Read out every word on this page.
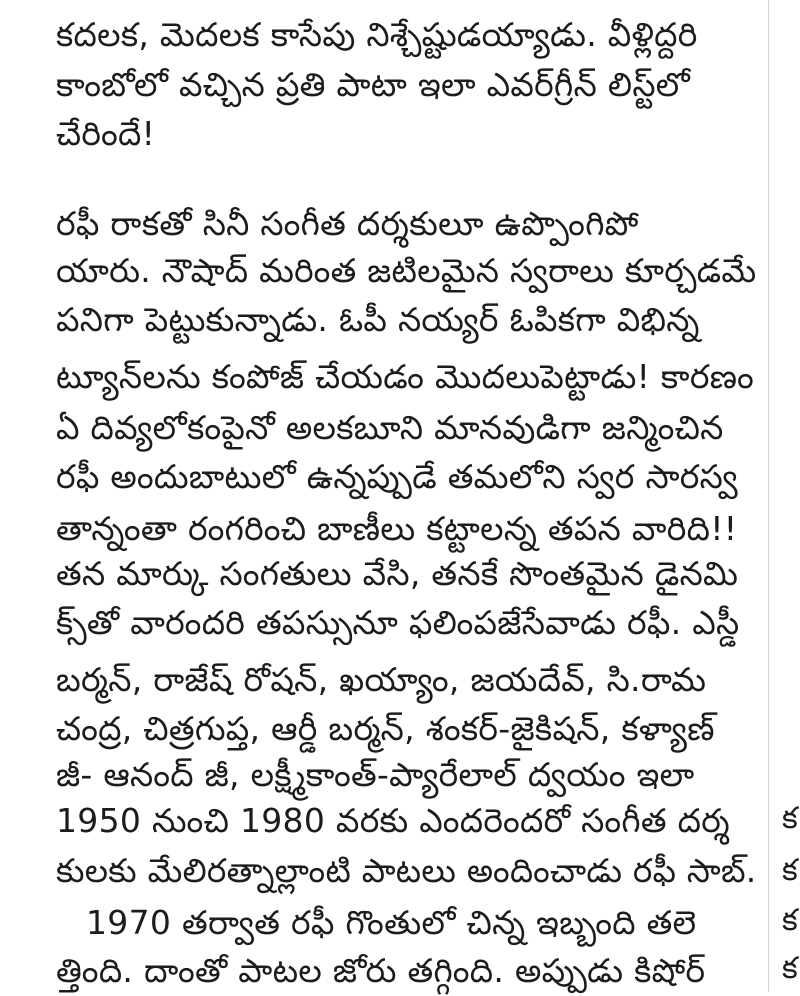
కదలక, మెదలక కాసేపు నిశ్చేష్టుడయ్యాడు. వీళ్లిద్దరి
కాంబోలో వచ్చిన ప్రతి పాటా ఇలా ఎవర్‌గ్రీన్ లిస్ట్‌లో
చేరిందే!
రఫీ రాకతో సినీ సంగీత దర్శకులూ ఉప్పొంగిపో
యారు. నౌషాద్ మరింత జటిలమైన స్వరాలు కూర్చడమే
పనిగా పెట్టుకున్నాడు. ఓపీ నయ్యర్ ఓపికగా విభిన్న
ట్యూన్‌లను కంపోజ్ చేయడం మొదలుపెట్టాడు! కారణం
ఏ దివ్యలోకంపైనో అలకబూని మానవుడిగా జన్మించిన
రఫీ అందుబాటులో ఉన్నప్పుడే తమలోని స్వర సారస్వ
తాన్నంతా రంగరించి బాణీలు కట్టాలన్న తపన వారిది!!
తన మార్కు సంగతులు వేసి, తనకే సొంతమైన డైనమి
క్స్‌తో వారందరి తపస్సునూ ఫలింపజేసేవాడు రఫీ. ఎస్డీ
బర్మన్, రాజేష్ రోషన్, ఖయ్యాం, జయదేవ్, సి.రామ
చంద్ర, చిత్రగుప్త, ఆర్డీ బర్మన్, శంకర్-జైకిషన్, కళ్యాణ్
జీ- ఆనంద్ జీ, లక్ష్మీకాంత్-ప్యారేలాల్ ద్వయం ఇలా
1950 నుంచి 1980 వరకు ఎందరెందరో సంగీత దర్శ
కులకు మేలిరత్నాల్లాంటి పాటలు అందించాడు రఫీ సాబ్.
1970 తర్వాత రఫీ గొంతులో చిన్న ఇబ్బంది తలె
త్తింది. దాంతో పాటల జోరు తగ్గింది. అప్పుడు కిషోర్
క
క
క
క
